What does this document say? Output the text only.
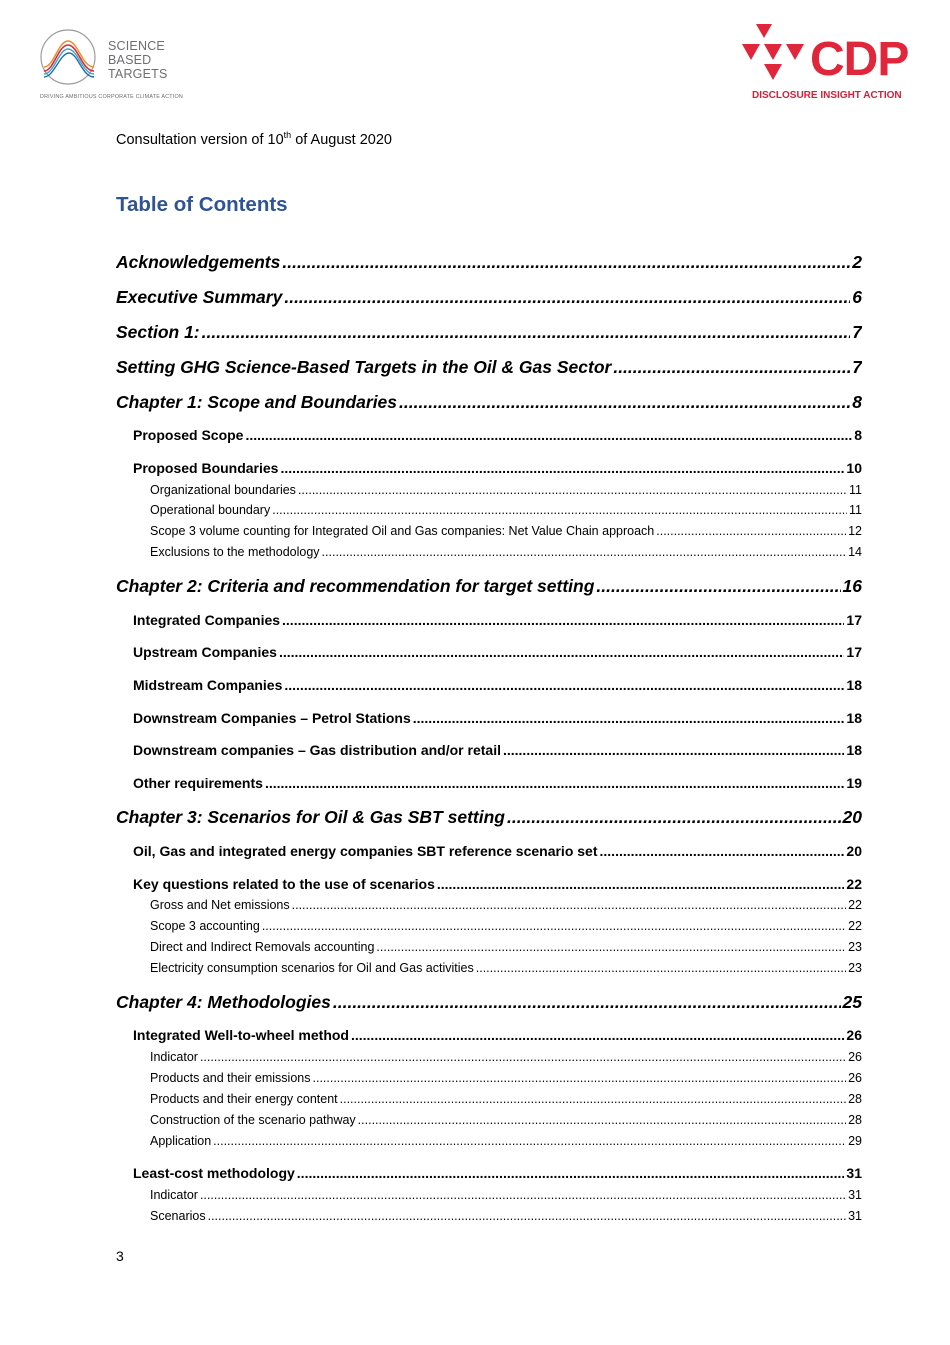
SCIENCE
BASED
TARGETS
DRIVING AMBITIOUS CORPORATE CLIMATE ACTION
CDP
DISCLOSURE INSIGHT ACTION
Consultation version of 10th of August 2020
Table of Contents
Acknowledgements .....	2
Executive Summary .....	6
Section 1: .....	7
Setting GHG Science-Based Targets in the Oil & Gas Sector .....	7
Chapter 1: Scope and Boundaries .....	8
Proposed Scope .....	8
Proposed Boundaries .....	10
Organizational boundaries .....	11
Operational boundary .....	11
Scope 3 volume counting for Integrated Oil and Gas companies: Net Value Chain approach .....	12
Exclusions to the methodology .....	14
Chapter 2: Criteria and recommendation for target setting .....	16
Integrated Companies .....	17
Upstream Companies .....	17
Midstream Companies .....	18
Downstream Companies – Petrol Stations .....	18
Downstream companies – Gas distribution and/or retail .....	18
Other requirements .....	19
Chapter 3: Scenarios for Oil & Gas SBT setting .....	20
Oil, Gas and integrated energy companies SBT reference scenario set .....	20
Key questions related to the use of scenarios .....	22
Gross and Net emissions .....	22
Scope 3 accounting .....	22
Direct and Indirect Removals accounting .....	23
Electricity consumption scenarios for Oil and Gas activities .....	23
Chapter 4: Methodologies .....	25
Integrated Well-to-wheel method .....	26
Indicator .....	26
Products and their emissions .....	26
Products and their energy content .....	28
Construction of the scenario pathway .....	28
Application .....	29
Least-cost methodology .....	31
Indicator .....	31
Scenarios .....	31
3
